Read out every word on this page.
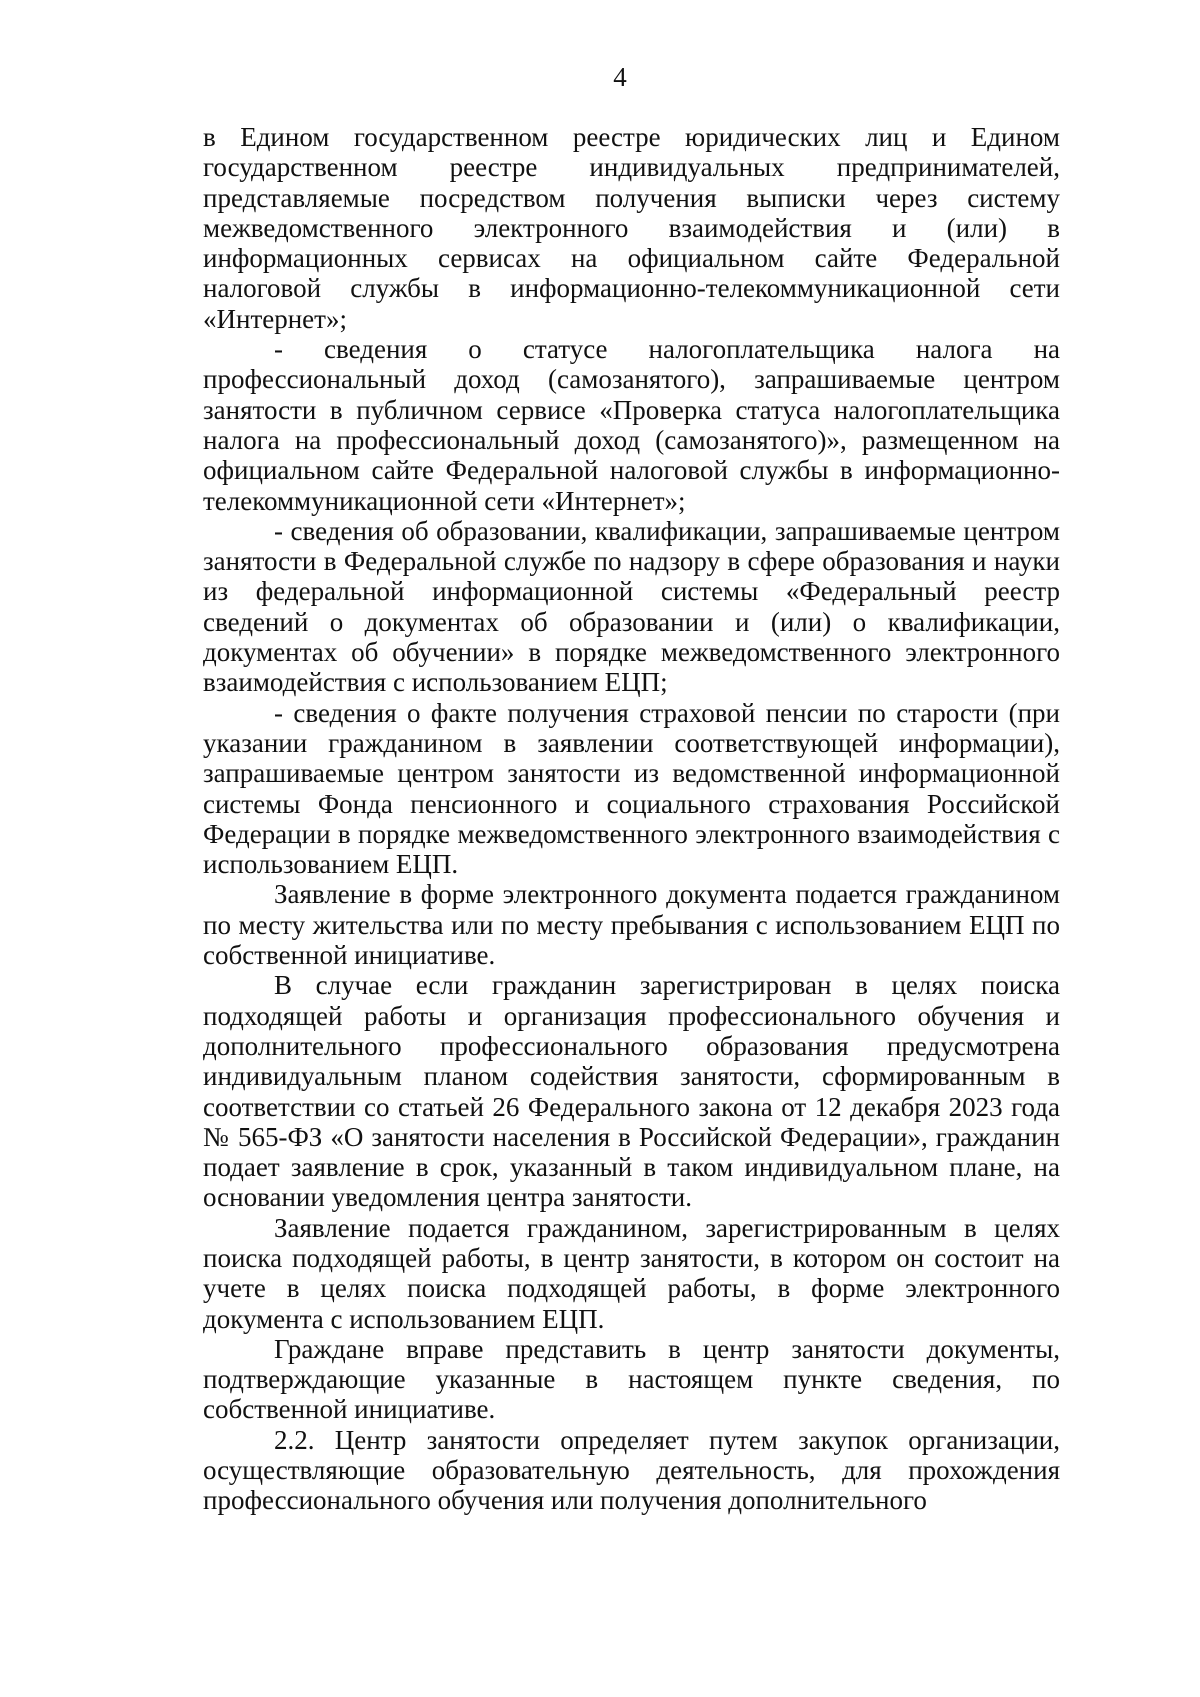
4

в Едином государственном реестре юридических лиц и Едином государственном реестре индивидуальных предпринимателей, представляемые посредством получения выписки через систему межведомственного электронного взаимодействия и (или) в информационных сервисах на официальном сайте Федеральной налоговой службы в информационно-телекоммуникационной сети «Интернет»;

- сведения о статусе налогоплательщика налога на профессиональный доход (самозанятого), запрашиваемые центром занятости в публичном сервисе «Проверка статуса налогоплательщика налога на профессиональный доход (самозанятого)», размещенном на официальном сайте Федеральной налоговой службы в информационно-телекоммуникационной сети «Интернет»;

- сведения об образовании, квалификации, запрашиваемые центром занятости в Федеральной службе по надзору в сфере образования и науки из федеральной информационной системы «Федеральный реестр сведений о документах об образовании и (или) о квалификации, документах об обучении» в порядке межведомственного электронного взаимодействия с использованием ЕЦП;

- сведения о факте получения страховой пенсии по старости (при указании гражданином в заявлении соответствующей информации), запрашиваемые центром занятости из ведомственной информационной системы Фонда пенсионного и социального страхования Российской Федерации в порядке межведомственного электронного взаимодействия с использованием ЕЦП.

Заявление в форме электронного документа подается гражданином по месту жительства или по месту пребывания с использованием ЕЦП по собственной инициативе.

В случае если гражданин зарегистрирован в целях поиска подходящей работы и организация профессионального обучения и дополнительного профессионального образования предусмотрена индивидуальным планом содействия занятости, сформированным в соответствии со статьей 26 Федерального закона от 12 декабря 2023 года № 565-ФЗ «О занятости населения в Российской Федерации», гражданин подает заявление в срок, указанный в таком индивидуальном плане, на основании уведомления центра занятости.

Заявление подается гражданином, зарегистрированным в целях поиска подходящей работы, в центр занятости, в котором он состоит на учете в целях поиска подходящей работы, в форме электронного документа с использованием ЕЦП.

Граждане вправе представить в центр занятости документы, подтверждающие указанные в настоящем пункте сведения, по собственной инициативе.

2.2. Центр занятости определяет путем закупок организации, осуществляющие образовательную деятельность, для прохождения профессионального обучения или получения дополнительного
